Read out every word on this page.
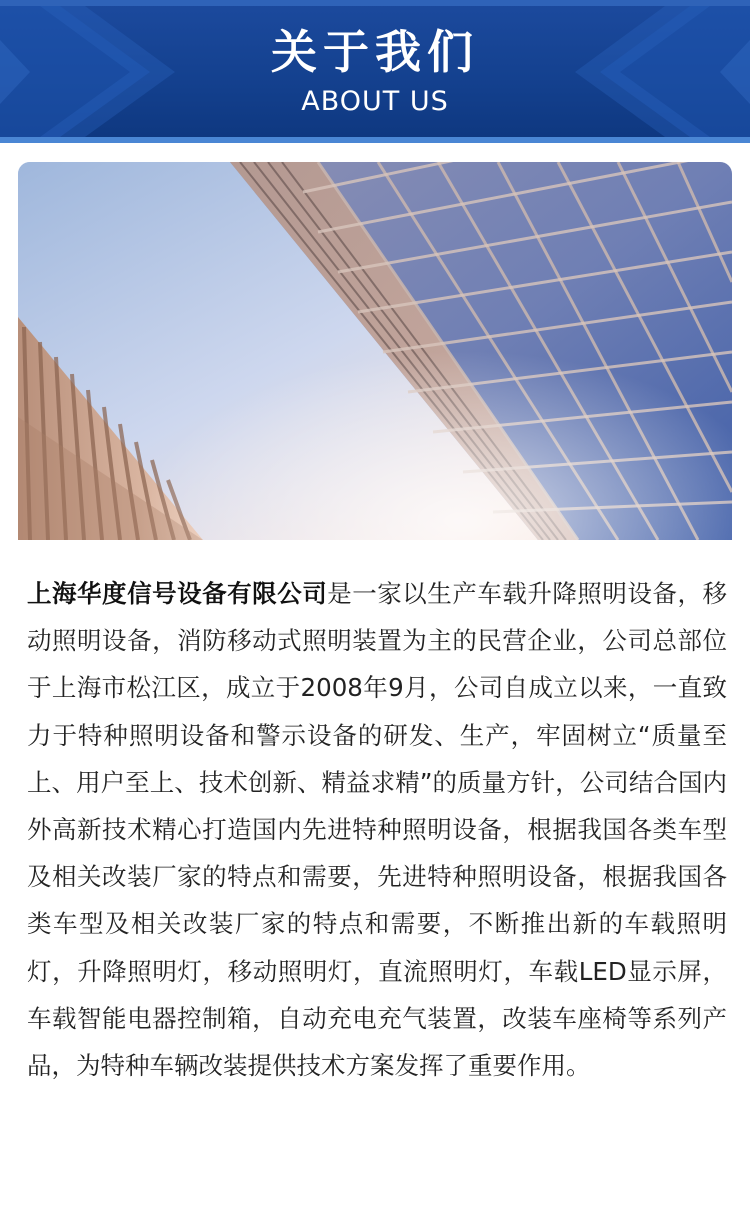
关于我们
ABOUT US
上海华度信号设备有限公司是一家以生产车载升降照明设备，移动照明设备，消防移动式照明装置为主的民营企业，公司总部位于上海市松江区，成立于2008年9月，公司自成立以来，一直致力于特种照明设备和警示设备的研发、生产，牢固树立“质量至上、用户至上、技术创新、精益求精”的质量方针，公司结合国内外高新技术精心打造国内先进特种照明设备，根据我国各类车型及相关改装厂家的特点和需要，先进特种照明设备，根据我国各类车型及相关改装厂家的特点和需要，不断推出新的车载照明灯，升降照明灯，移动照明灯，直流照明灯，车载LED显示屏，车载智能电器控制箱，自动充电充气装置，改装车座椅等系列产品，为特种车辆改装提供技术方案发挥了重要作用。
